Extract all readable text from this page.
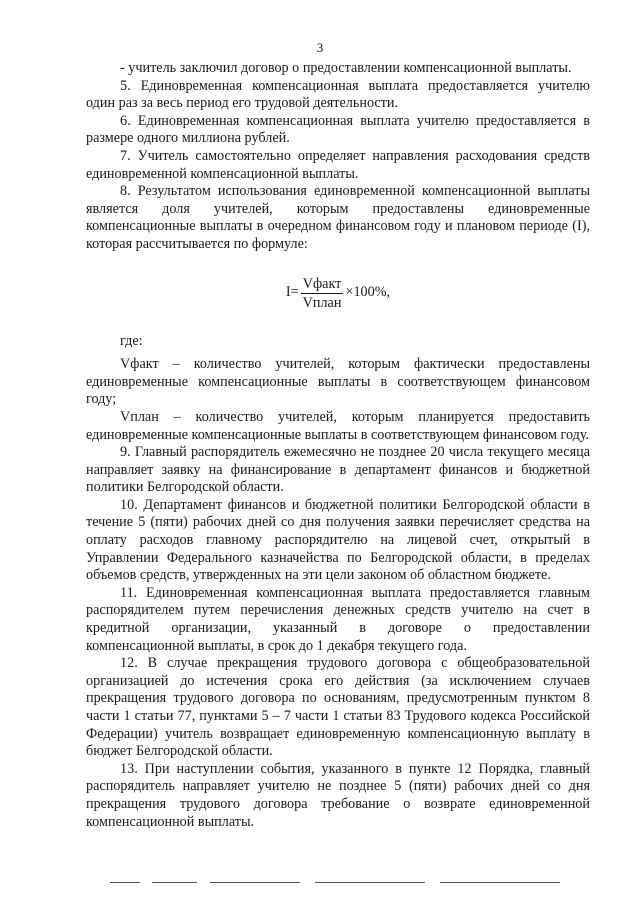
3

- учитель заключил договор о предоставлении компенсационной выплаты.

5. Единовременная компенсационная выплата предоставляется учителю один раз за весь период его трудовой деятельности.

6. Единовременная компенсационная выплата учителю предоставляется в размере одного миллиона рублей.

7. Учитель самостоятельно определяет направления расходования средств единовременной компенсационной выплаты.

8. Результатом использования единовременной компенсационной выплаты является доля учителей, которым предоставлены единовременные компенсационные выплаты в очередном финансовом году и плановом периоде (I), которая рассчитывается по формуле:

$I= \frac{\text{Vфакт}}{\text{Vплан}} \times 100\%$,

где:

Vфакт – количество учителей, которым фактически предоставлены единовременные компенсационные выплаты в соответствующем финансовом году;

Vплан – количество учителей, которым планируется предоставить единовременные компенсационные выплаты в соответствующем финансовом году.

9. Главный распорядитель ежемесячно не позднее 20 числа текущего месяца направляет заявку на финансирование в департамент финансов и бюджетной политики Белгородской области.

10. Департамент финансов и бюджетной политики Белгородской области в течение 5 (пяти) рабочих дней со дня получения заявки перечисляет средства на оплату расходов главному распорядителю на лицевой счет, открытый в Управлении Федерального казначейства по Белгородской области, в пределах объемов средств, утвержденных на эти цели законом об областном бюджете.

11. Единовременная компенсационная выплата предоставляется главным распорядителем путем перечисления денежных средств учителю на счет в кредитной организации, указанный в договоре о предоставлении компенсационной выплаты, в срок до 1 декабря текущего года.

12. В случае прекращения трудового договора с общеобразовательной организацией до истечения срока его действия (за исключением случаев прекращения трудового договора по основаниям, предусмотренным пунктом 8 части 1 статьи 77, пунктами 5 – 7 части 1 статьи 83 Трудового кодекса Российской Федерации) учитель возвращает единовременную компенсационную выплату в бюджет Белгородской области.

13. При наступлении события, указанного в пункте 12 Порядка, главный распорядитель направляет учителю не позднее 5 (пяти) рабочих дней со дня прекращения трудового договора требование о возврате единовременной компенсационной выплаты.
